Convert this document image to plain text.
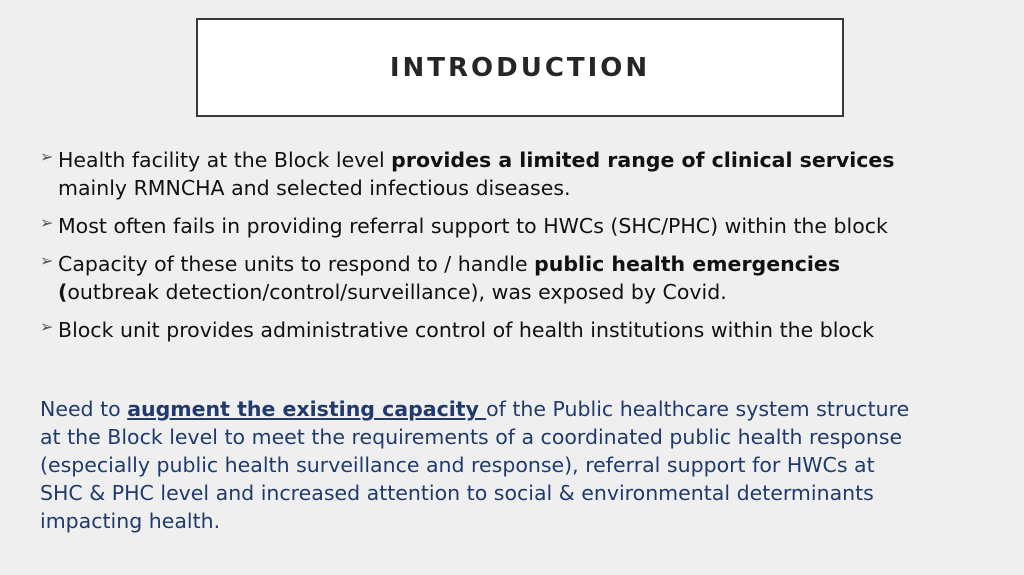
INTRODUCTION
➢ Health facility at the Block level provides a limited range of clinical services
mainly RMNCHA and selected infectious diseases.
➢ Most often fails in providing referral support to HWCs (SHC/PHC) within the block
➢ Capacity of these units to respond to / handle public health emergencies
(outbreak detection/control/surveillance), was exposed by Covid.
➢ Block unit provides administrative control of health institutions within the block
Need to augment the existing capacity of the Public healthcare system structure
at the Block level to meet the requirements of a coordinated public health response
(especially public health surveillance and response), referral support for HWCs at
SHC & PHC level and increased attention to social & environmental determinants
impacting health.
